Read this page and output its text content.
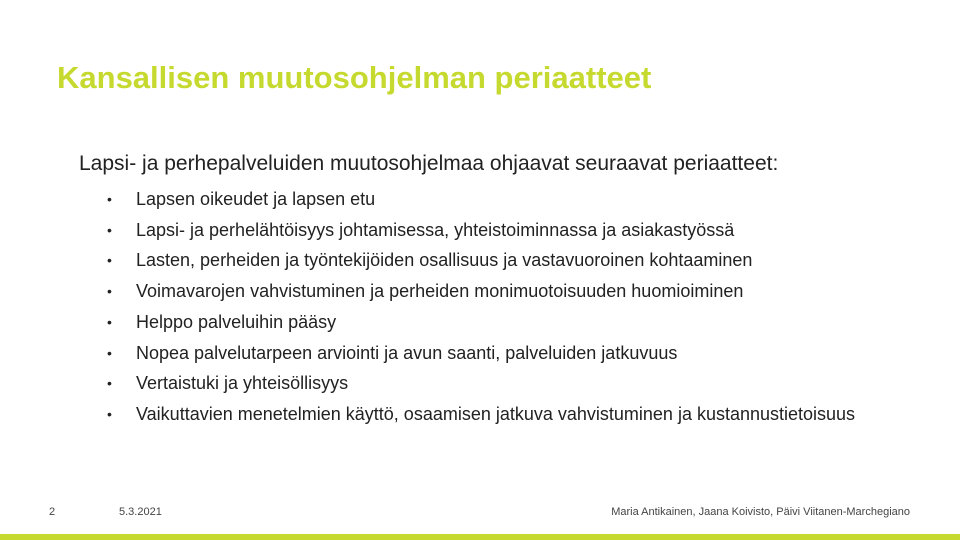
Kansallisen muutosohjelman periaatteet
Lapsi- ja perhepalveluiden muutosohjelmaa ohjaavat seuraavat periaatteet:
•	Lapsen oikeudet ja lapsen etu
•	Lapsi- ja perhelähtöisyys johtamisessa, yhteistoiminnassa ja asiakastyössä
•	Lasten, perheiden ja työntekijöiden osallisuus ja vastavuoroinen kohtaaminen
•	Voimavarojen vahvistuminen ja perheiden monimuotoisuuden huomioiminen
•	Helppo palveluihin pääsy
•	Nopea palvelutarpeen arviointi ja avun saanti, palveluiden jatkuvuus
•	Vertaistuki ja yhteisöllisyys
•	Vaikuttavien menetelmien käyttö, osaamisen jatkuva vahvistuminen ja kustannustietoisuus
2	5.3.2021	Maria Antikainen, Jaana Koivisto, Päivi Viitanen-Marchegiano
